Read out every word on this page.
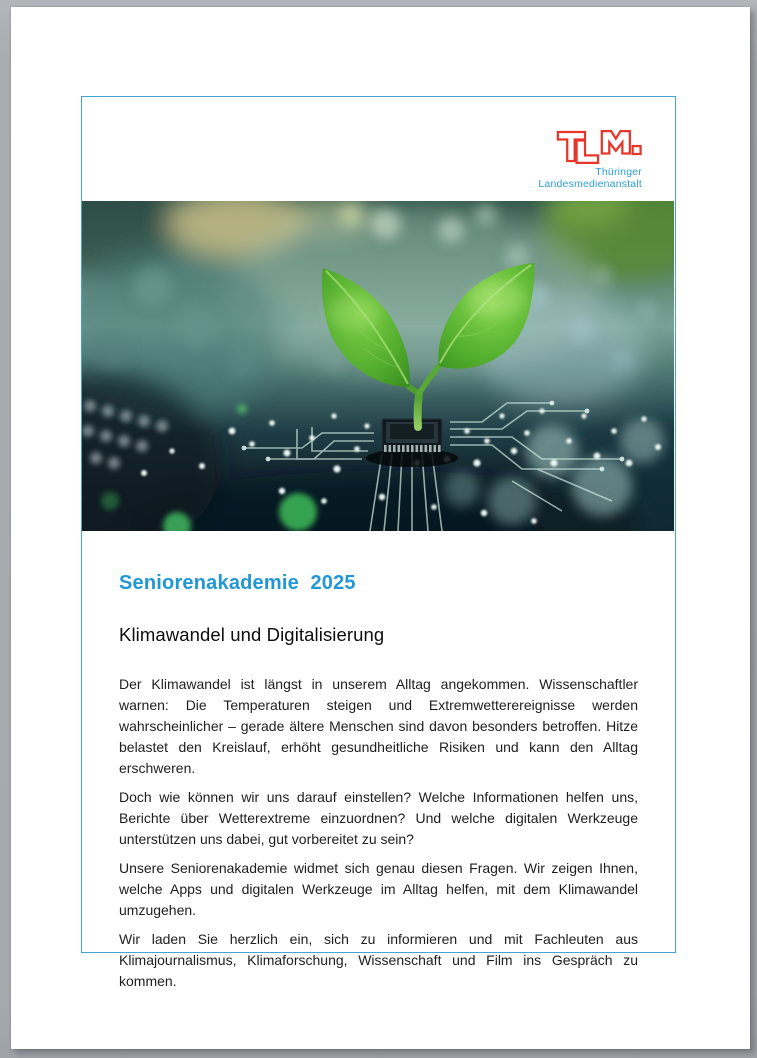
Thüringer
Landesmedienanstalt
Seniorenakademie  2025
Klimawandel und Digitalisierung

Der Klimawandel ist längst in unserem Alltag angekommen. Wissenschaftler warnen: Die Temperaturen steigen und Extremwetterereignisse werden wahrscheinlicher – gerade ältere Menschen sind davon besonders betroffen. Hitze belastet den Kreislauf, erhöht gesundheitliche Risiken und kann den Alltag erschweren.

Doch wie können wir uns darauf einstellen? Welche Informationen helfen uns, Berichte über Wetterextreme einzuordnen? Und welche digitalen Werkzeuge unterstützen uns dabei, gut vorbereitet zu sein?

Unsere Seniorenakademie widmet sich genau diesen Fragen. Wir zeigen Ihnen, welche Apps und digitalen Werkzeuge im Alltag helfen, mit dem Klimawandel umzugehen.

Wir laden Sie herzlich ein, sich zu informieren und mit Fachleuten aus Klimajournalismus, Klimaforschung, Wissenschaft und Film ins Gespräch zu kommen.
